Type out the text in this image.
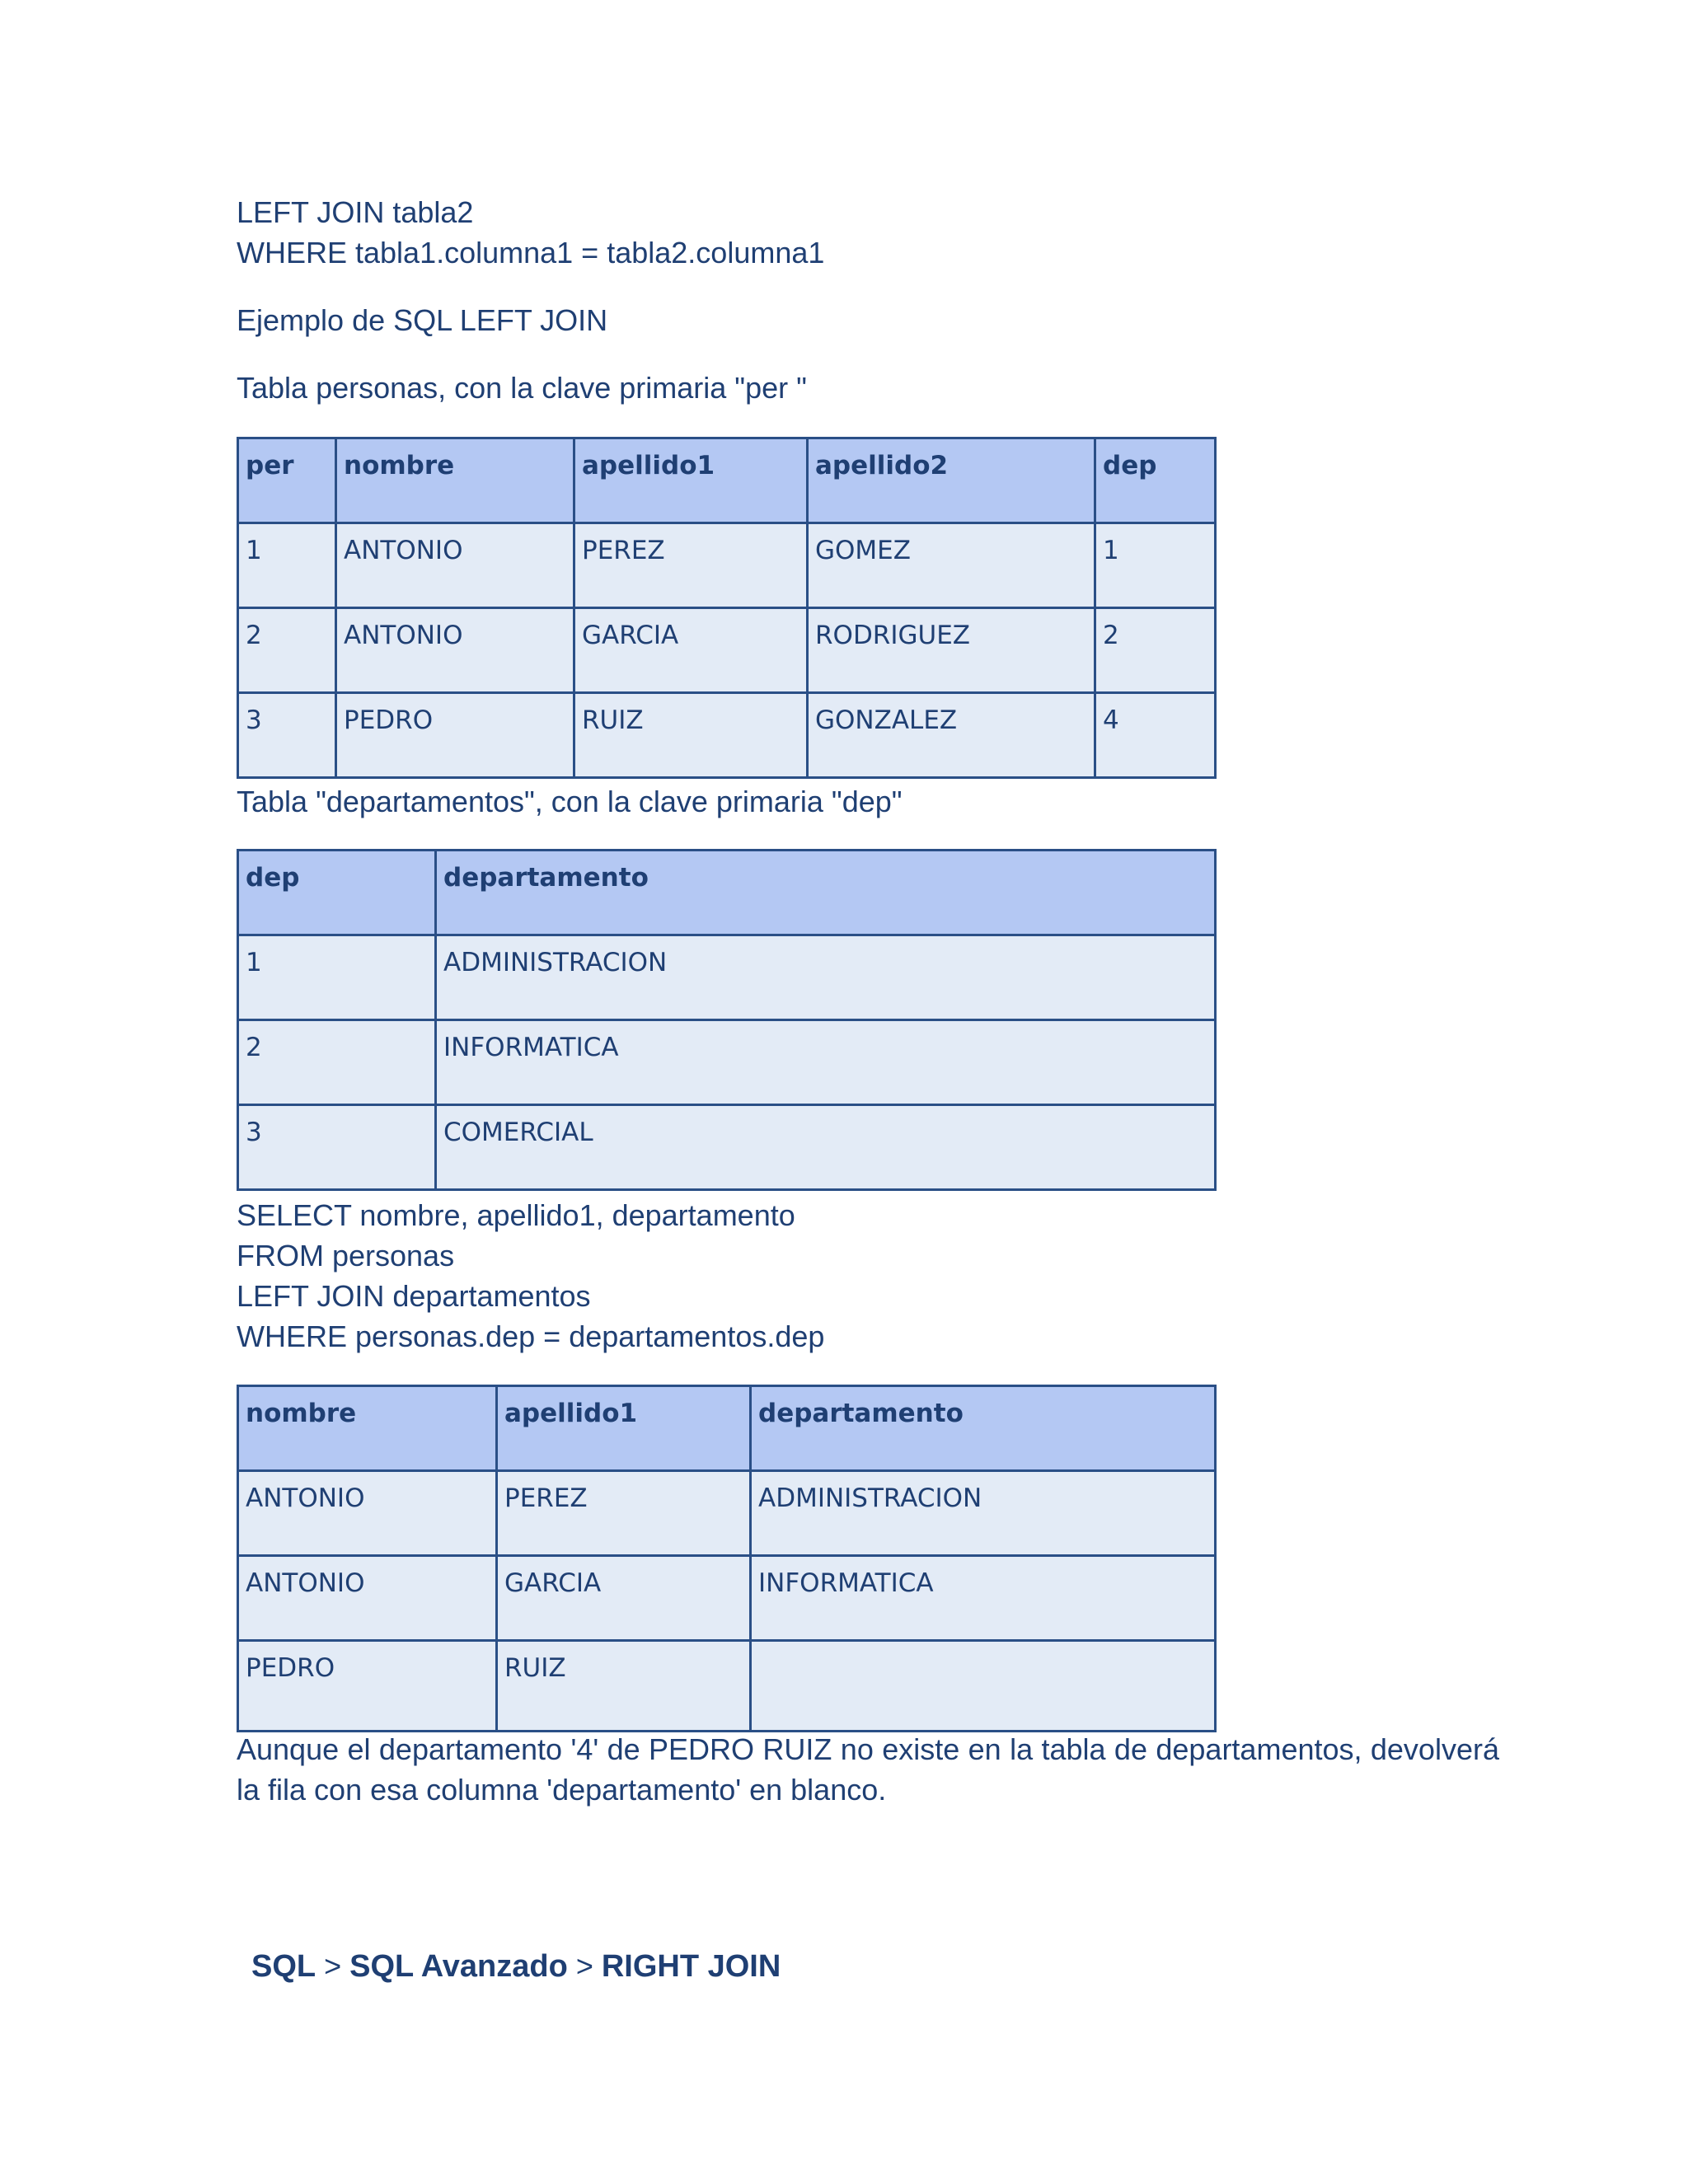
LEFT JOIN tabla2
WHERE tabla1.columna1 = tabla2.columna1
Ejemplo de SQL LEFT JOIN
Tabla personas, con la clave primaria "per "
per	nombre	apellido1	apellido2	dep
1	ANTONIO	PEREZ	GOMEZ	1
2	ANTONIO	GARCIA	RODRIGUEZ	2
3	PEDRO	RUIZ	GONZALEZ	4
Tabla "departamentos", con la clave primaria "dep"
dep	departamento
1	ADMINISTRACION
2	INFORMATICA
3	COMERCIAL
SELECT nombre, apellido1, departamento
FROM personas
LEFT JOIN departamentos
WHERE personas.dep = departamentos.dep
nombre	apellido1	departamento
ANTONIO	PEREZ	ADMINISTRACION
ANTONIO	GARCIA	INFORMATICA
PEDRO	RUIZ	
Aunque el departamento '4' de PEDRO RUIZ no existe en la tabla de departamentos, devolverá la fila con esa columna 'departamento' en blanco.
SQL > SQL Avanzado > RIGHT JOIN
